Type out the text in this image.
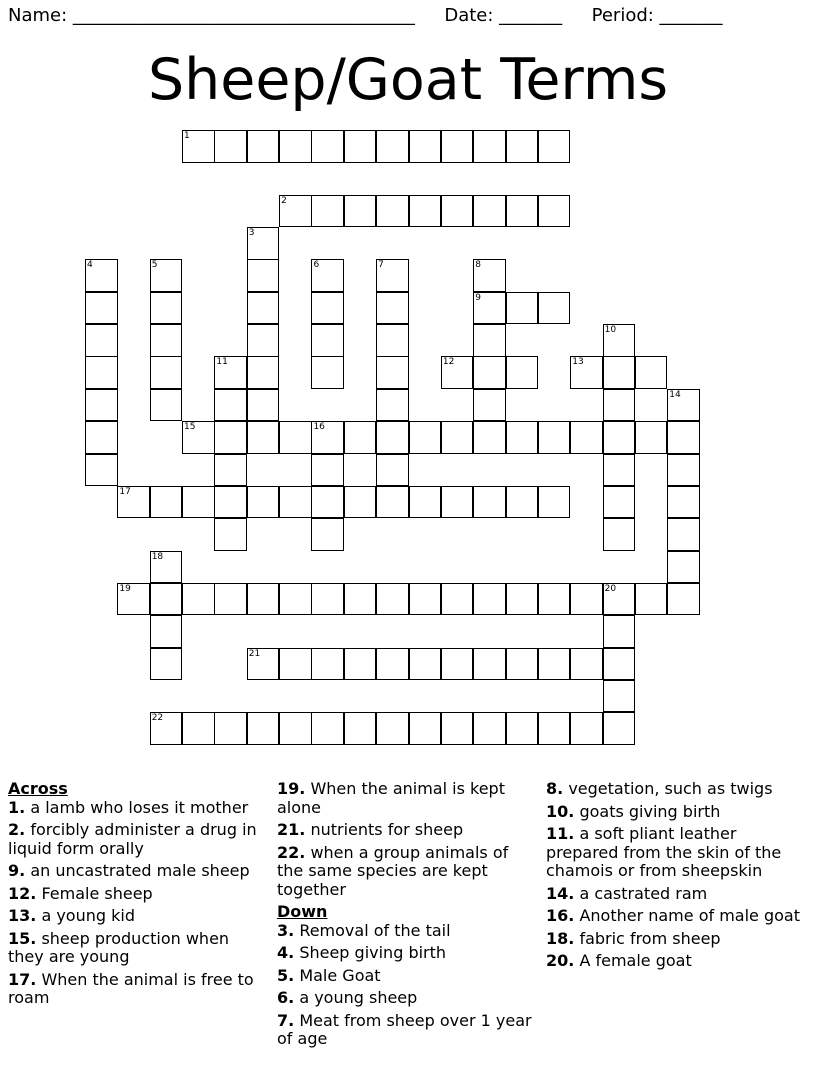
Name: ______________________________________ Date: _______ Period: _______
Sheep/Goat Terms
1
2
3
4	5	6	7	8
9
10
11	12	13
14
15	16
17
18
19	20
21
22
Across
1. a lamb who loses it mother
2. forcibly administer a drug in liquid form orally
9. an uncastrated male sheep
12. Female sheep
13. a young kid
15. sheep production when they are young
17. When the animal is free to roam
19. When the animal is kept alone
21. nutrients for sheep
22. when a group animals of the same species are kept together
Down
3. Removal of the tail
4. Sheep giving birth
5. Male Goat
6. a young sheep
7. Meat from sheep over 1 year of age
8. vegetation, such as twigs
10. goats giving birth
11. a soft pliant leather prepared from the skin of the chamois or from sheepskin
14. a castrated ram
16. Another name of male goat
18. fabric from sheep
20. A female goat
